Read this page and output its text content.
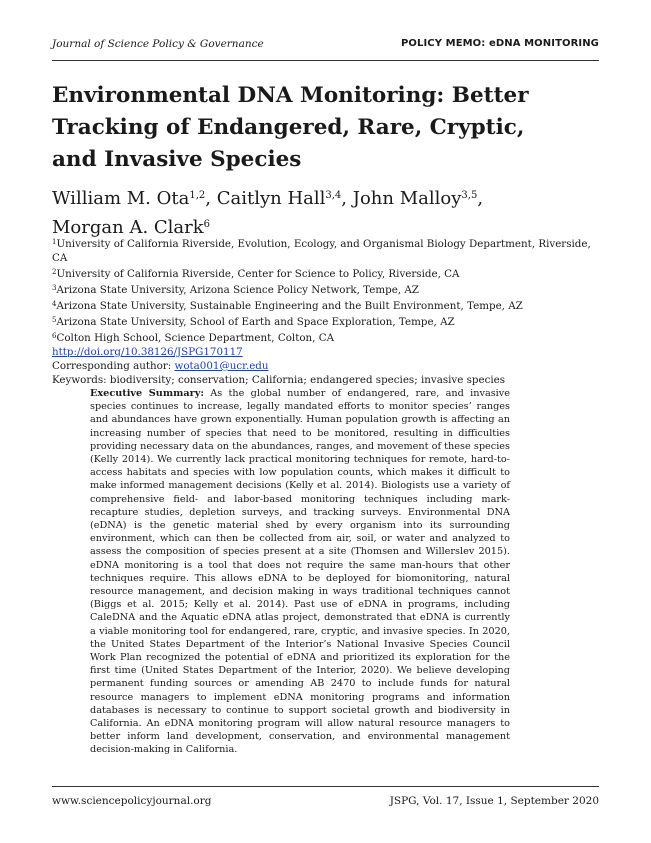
Journal of Science Policy & Governance	POLICY MEMO: eDNA MONITORING
Environmental DNA Monitoring: Better Tracking of Endangered, Rare, Cryptic, and Invasive Species
William M. Ota$^{1,2}$, Caitlyn Hall$^{3,4}$, John Malloy$^{3,5}$,
Morgan A. Clark$^6$
$^1$University of California Riverside, Evolution, Ecology, and Organismal Biology Department, Riverside, CA
$^2$University of California Riverside, Center for Science to Policy, Riverside, CA
$^3$Arizona State University, Arizona Science Policy Network, Tempe, AZ
$^4$Arizona State University, Sustainable Engineering and the Built Environment, Tempe, AZ
$^5$Arizona State University, School of Earth and Space Exploration, Tempe, AZ
$^6$Colton High School, Science Department, Colton, CA
http://doi.org/10.38126/JSPG170117
Corresponding author: wota001@ucr.edu
Keywords: biodiversity; conservation; California; endangered species; invasive species

Executive Summary: As the global number of endangered, rare, and invasive species continues to increase, legally mandated efforts to monitor species’ ranges and abundances have grown exponentially. Human population growth is affecting an increasing number of species that need to be monitored, resulting in difficulties providing necessary data on the abundances, ranges, and movement of these species (Kelly 2014). We currently lack practical monitoring techniques for remote, hard-to-access habitats and species with low population counts, which makes it difficult to make informed management decisions (Kelly et al. 2014). Biologists use a variety of comprehensive field- and labor-based monitoring techniques including mark-recapture studies, depletion surveys, and tracking surveys. Environmental DNA (eDNA) is the genetic material shed by every organism into its surrounding environment, which can then be collected from air, soil, or water and analyzed to assess the composition of species present at a site (Thomsen and Willerslev 2015). eDNA monitoring is a tool that does not require the same man-hours that other techniques require. This allows eDNA to be deployed for biomonitoring, natural resource management, and decision making in ways traditional techniques cannot (Biggs et al. 2015; Kelly et al. 2014). Past use of eDNA in programs, including CaleDNA and the Aquatic eDNA atlas project, demonstrated that eDNA is currently a viable monitoring tool for endangered, rare, cryptic, and invasive species. In 2020, the United States Department of the Interior’s National Invasive Species Council Work Plan recognized the potential of eDNA and prioritized its exploration for the first time (United States Department of the Interior, 2020). We believe developing permanent funding sources or amending AB 2470 to include funds for natural resource managers to implement eDNA monitoring programs and information databases is necessary to continue to support societal growth and biodiversity in California. An eDNA monitoring program will allow natural resource managers to better inform land development, conservation, and environmental management decision-making in California.

www.sciencepolicyjournal.org	JSPG, Vol. 17, Issue 1, September 2020
